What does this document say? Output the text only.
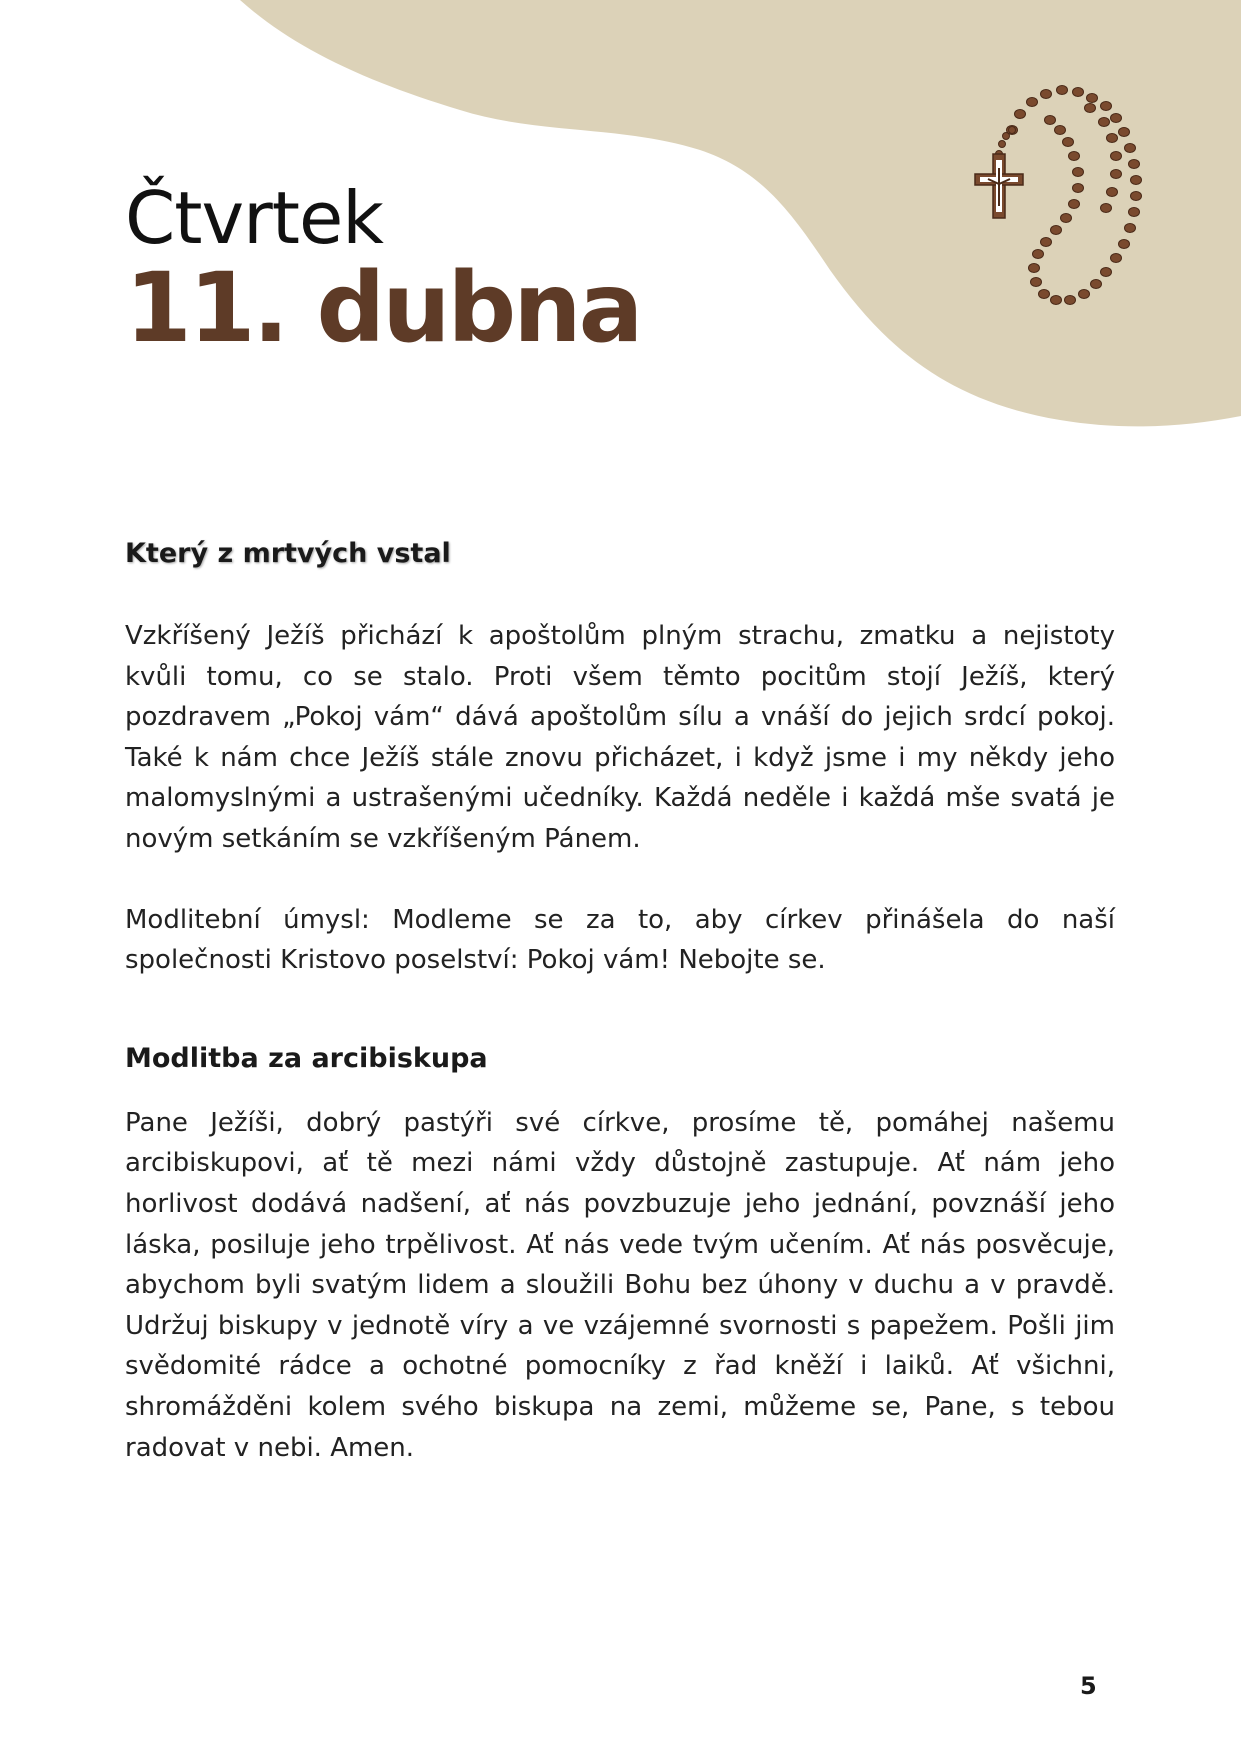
Čtvrtek
11. dubna
Který z mrtvých vstal

Vzkříšený Ježíš přichází k apoštolům plným strachu, zmatku a nejistoty kvůli tomu, co se stalo. Proti všem těmto pocitům stojí Ježíš, který pozdravem „Pokoj vám“ dává apoštolům sílu a vnáší do jejich srdcí pokoj. Také k nám chce Ježíš stále znovu přicházet, i když jsme i my někdy jeho malomyslnými a ustrašenými učedníky. Každá neděle i každá mše svatá je novým setkáním se vzkříšeným Pánem.

Modlitební úmysl: Modleme se za to, aby církev přinášela do naší společnosti Kristovo poselství: Pokoj vám! Nebojte se.

Modlitba za arcibiskupa

Pane Ježíši, dobrý pastýři své církve, prosíme tě, pomáhej našemu arcibiskupovi, ať tě mezi námi vždy důstojně zastupuje. Ať nám jeho horlivost dodává nadšení, ať nás povzbuzuje jeho jednání, povznáší jeho láska, posiluje jeho trpělivost. Ať nás vede tvým učením. Ať nás posvěcuje, abychom byli svatým lidem a sloužili Bohu bez úhony v duchu a v pravdě. Udržuj biskupy v jednotě víry a ve vzájemné svornosti s papežem. Pošli jim svědomité rádce a ochotné pomocníky z řad kněží i laiků. Ať všichni, shromážděni kolem svého biskupa na zemi, můžeme se, Pane, s tebou radovat v nebi. Amen.

5
